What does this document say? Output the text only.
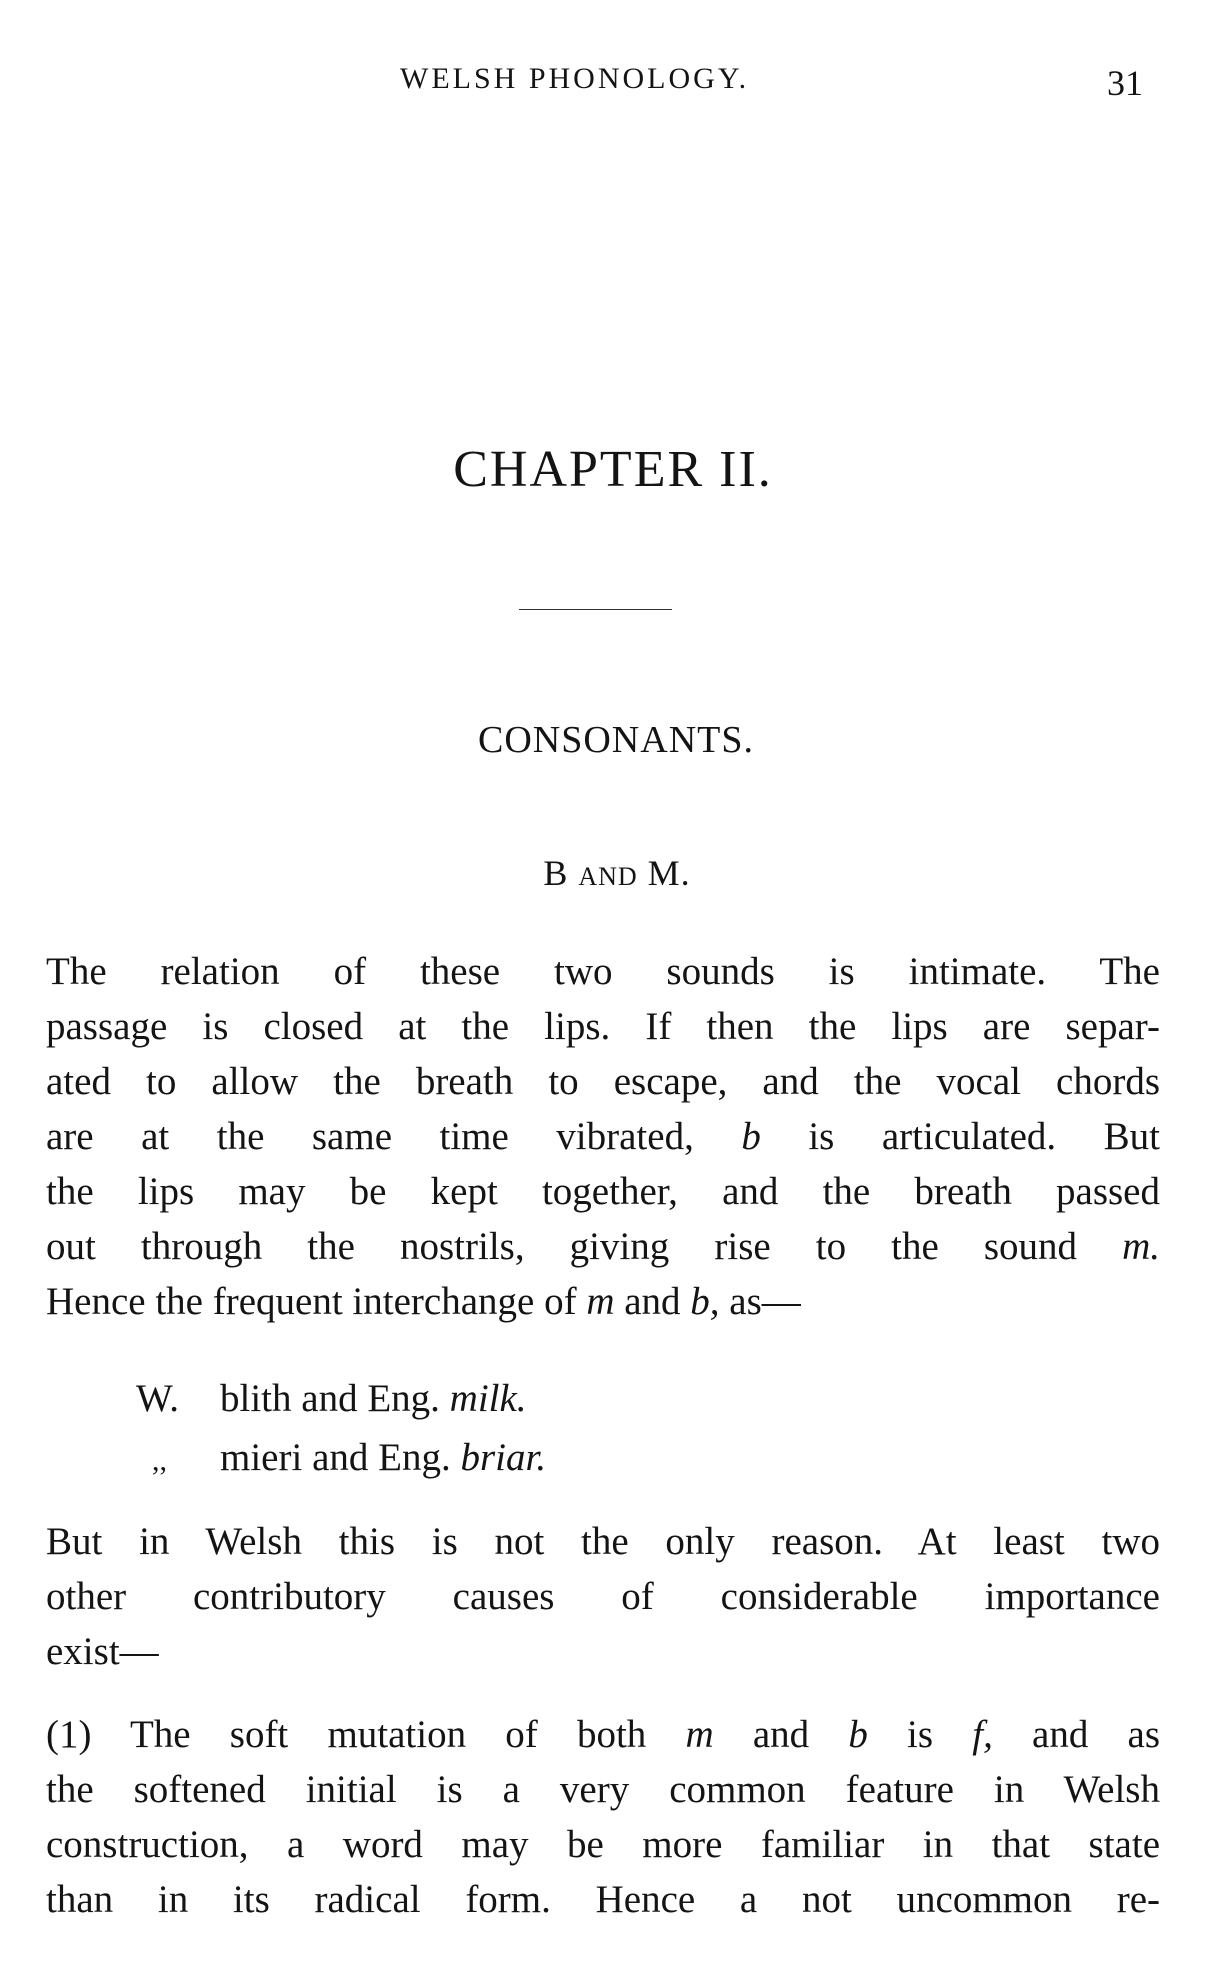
WELSH PHONOLOGY.	31
CHAPTER II.
CONSONANTS.
B AND M.
The relation of these two sounds is intimate. The
passage is closed at the lips. If then the lips are separ-
ated to allow the breath to escape, and the vocal chords
are at the same time vibrated, b is articulated. But
the lips may be kept together, and the breath passed
out through the nostrils, giving rise to the sound m.
Hence the frequent interchange of m and b, as—
W. blith and Eng. milk.
,, mieri and Eng. briar.
But in Welsh this is not the only reason. At least two
other contributory causes of considerable importance
exist—
(1) The soft mutation of both m and b is f, and as
the softened initial is a very common feature in Welsh
construction, a word may be more familiar in that state
than in its radical form. Hence a not uncommon re-
